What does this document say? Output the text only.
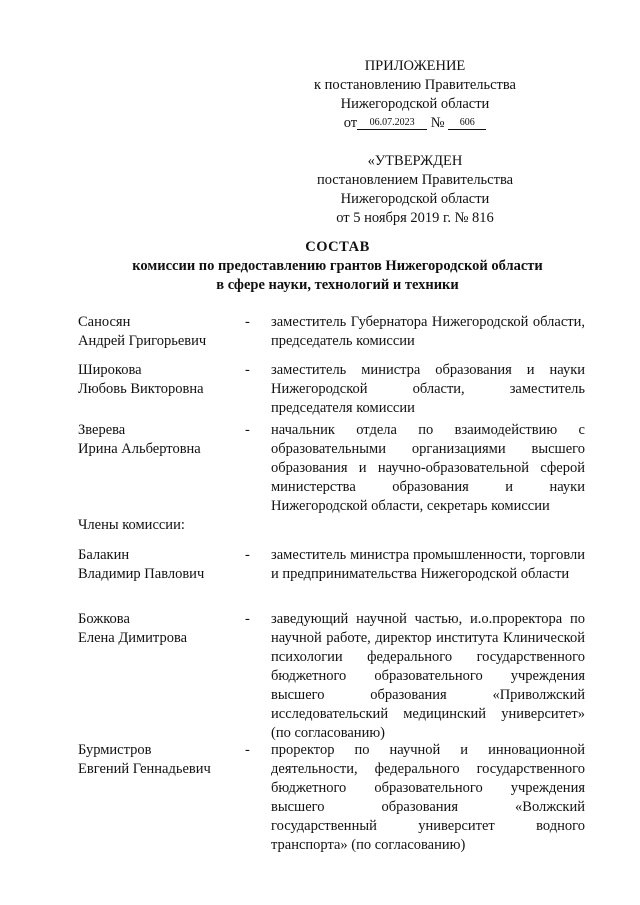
ПРИЛОЖЕНИЕ
к постановлению Правительства
Нижегородской области
от 06.07.2023 № 606
«УТВЕРЖДЕН
постановлением Правительства
Нижегородской области
от 5 ноября 2019 г. № 816
СОСТАВ
комиссии по предоставлению грантов Нижегородской области
в сфере науки, технологий и техники
Саносян
Андрей Григорьевич
- заместитель Губернатора Нижегородской области, председатель комиссии
Широкова
Любовь Викторовна
- заместитель министра образования и науки Нижегородской области, заместитель председателя комиссии
Зверева
Ирина Альбертовна
- начальник отдела по взаимодействию с образовательными организациями высшего образования и научно-образовательной сферой министерства образования и науки Нижегородской области, секретарь комиссии
Члены комиссии:
Балакин
Владимир Павлович
- заместитель министра промышленности, торговли и предпринимательства Нижегородской области
Божкова
Елена Димитрова
- заведующий научной частью, и.о.проректора по научной работе, директор института Клинической психологии федерального государственного бюджетного образовательного учреждения высшего образования «Приволжский исследовательский медицинский университет» (по согласованию)
Бурмистров
Евгений Геннадьевич
- проректор по научной и инновационной деятельности, федерального государственного бюджетного образовательного учреждения высшего образования «Волжский государственный университет водного транспорта» (по согласованию)
